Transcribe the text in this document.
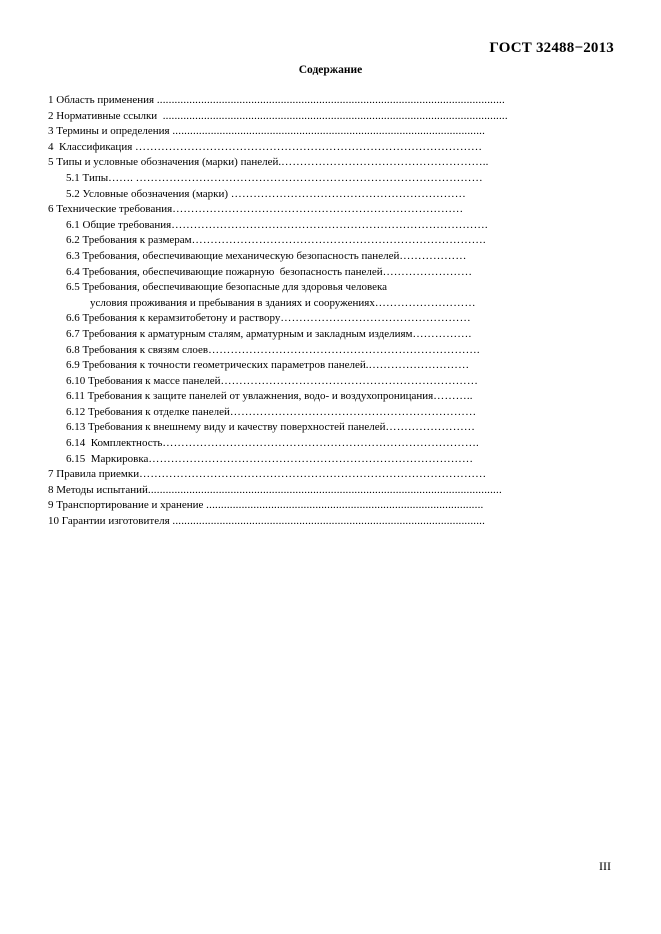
ГОСТ 32488−2013
Содержание
1 Область применения ......................................................................................................................
2 Нормативные ссылки  .....................................................................................................................
3 Термины и определения ..........................................................................................................
4  Классификация …………………………………………………………………………………
5 Типы и условные обозначения (марки) панелей.………………………………………………..
5.1 Типы……. …………………………………………………………………………………
5.2 Условные обозначения (марки) ………………………………………………………
6 Технические требования……………………………………………………………………
6.1 Общие требования………………………………………………………………………….
6.2 Требования к размерам…………………………………………………………………….
6.3 Требования, обеспечивающие механическую безопасность панелей………………
6.4 Требования, обеспечивающие пожарную  безопасность панелей……………………
6.5 Требования, обеспечивающие безопасные для здоровья человека
условия проживания и пребывания в зданиях и сооружениях………………………
6.6 Требования к керамзитобетону и раствору……………………………………………
6.7 Требования к арматурным сталям, арматурным и закладным изделиям…………….
6.8 Требования к связям слоев……………………………………………………………….
6.9 Требования к точности геометрических параметров панелей.………………………
6.10 Требования к массе панелей……………………………………………………………
6.11 Требования к защите панелей от увлажнения, водо- и воздухопроницания………..
6.12 Требования к отделке панелей…………………………………………………………
6.13 Требования к внешнему виду и качеству поверхностей панелей……………………
6.14  Комплектность………………………………………………………………………….
6.15  Маркировка……………………………………………………………………………
7 Правила приемки…………………………………………………………………………………
8 Методы испытаний........................................................................................................................
9 Транспортирование и хранение ..............................................................................................
10 Гарантии изготовителя ..........................................................................................................
III
